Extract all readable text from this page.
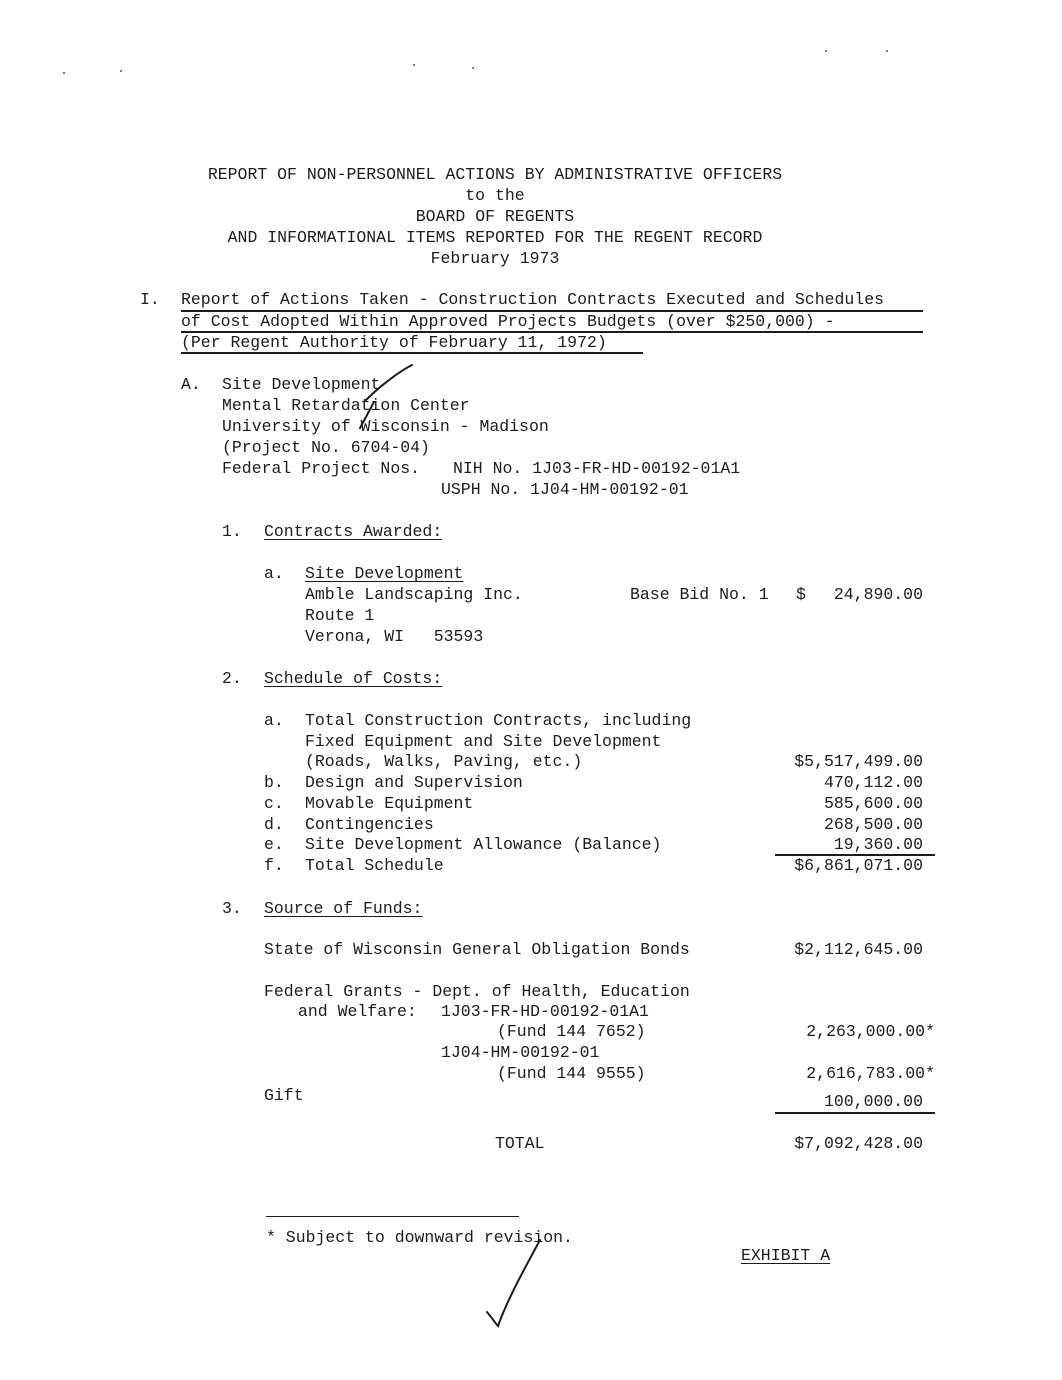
REPORT OF NON-PERSONNEL ACTIONS BY ADMINISTRATIVE OFFICERS
to the
BOARD OF REGENTS
AND INFORMATIONAL ITEMS REPORTED FOR THE REGENT RECORD
February 1973
I. Report of Actions Taken - Construction Contracts Executed and Schedules
of Cost Adopted Within Approved Projects Budgets (over $250,000) -
(Per Regent Authority of February 11, 1972)
A. Site Development
Mental Retardation Center
University of Wisconsin - Madison
(Project No. 6704-04)
Federal Project Nos. NIH No. 1J03-FR-HD-00192-01A1
USPH No. 1J04-HM-00192-01
1. Contracts Awarded:
a. Site Development
Amble Landscaping Inc.	Base Bid No. 1 $	24,890.00
Route 1
Verona, WI   53593
2. Schedule of Costs:
a. Total Construction Contracts, including
Fixed Equipment and Site Development
(Roads, Walks, Paving, etc.)	$5,517,499.00
b. Design and Supervision	470,112.00
c. Movable Equipment	585,600.00
d. Contingencies	268,500.00
e. Site Development Allowance (Balance)	19,360.00
f. Total Schedule	$6,861,071.00
3. Source of Funds:
State of Wisconsin General Obligation Bonds	$2,112,645.00
Federal Grants - Dept. of Health, Education
and Welfare: 1J03-FR-HD-00192-01A1
(Fund 144 7652)	2,263,000.00*
1J04-HM-00192-01
(Fund 144 9555)	2,616,783.00*
Gift	100,000.00
TOTAL	$7,092,428.00
* Subject to downward revision.
EXHIBIT A
